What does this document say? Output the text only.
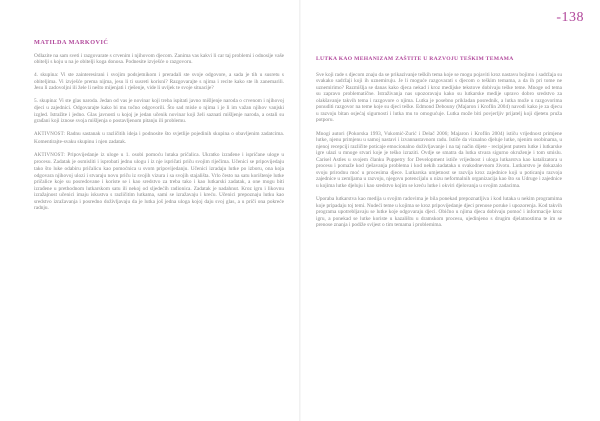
-138
MATILDA MARKOVIĆ

Odlazite na sam sveti i razgovarate s crvenim i njihovom djecom. Zanima vas kakvi li car taj problemi i odnosije vaše obitelji s koju u na je obitelji koga donosa. Podnesite izvješće o razgovoru.

4. skupina: Vi ste zainteresirani i svojim podsjetnikom i preradali ste svoje odgovore, a sada je tih u susretu s obiteljima. Vi izvješće prema nijma, jesu li ti susreti korisni? Razgovarajte s njima i recite kako ste ih zanemarili. Jesu li zadovoljni ili žele li nešto mijenjati i rješenje, vide li uvijek te svoje situacije?

5. skupina: Vi ste glas naroda. Jedan od vas je novinar koji treba ispitati javno mišljenje naroda o crvenom i njihovoj djeci u zajednici. Odgovarajte kako bi mu točno odgovorili. Što sad misle o njima i je li im važan njihov vanjski izgled. Istražite i jedno. Glas javnosti u kojoj je jedan učenik novinar koji želi saznati mišljenje naroda, a ostali su građani koji iznose svoja mišljenja o postavljenom pitanju ili problemu.

AKTIVNOST: Radnu sastanak u različitih ideja i podnosite što svjetlije pojedinih skupina o obavljenim zadatcima. Komentirajte-svaku skupinu i njen zadatak.

AKTIVNOST: Pripovijedanje iz uloge u 1. osobi pomoću lutaka pričalica. Ukratko izrađene i ispričane uloge u procesu. Zadatak je osmisliti i isprobati jednu ulogu i iz nje ispričati priču svojim riječima. Učenici se pripovijedaju tako što luke odabiru pričalicu kao pomoćnica u svom pripovijedanju. Učenici izradaju lutke po izboru, ona koja odgovara njihovoj ulozi i stvaraju novu priču iz svojih vizura i sa svojih stajališta. Vrlo često na satu korištenje lutke pričalice koje su posredovane i koriste se i kao sredstvo za treba tako i kao lutkarski zadatak, a one mogu biti izrađene u prethodnom lutkarskom satu ili nekoj od sljedećih radionica. Zadatak je nadahnut. Kroz igru i likovnu izražajnost učenici imaju iskustva s različitim lutkama, sami se izražavaju i kreću. Učenici prepoznaju lutku kao sredstvo izražavanja i posredno doživljavaju da je lutka još jedna uloga kojoj daju svoj glas, a u priči ona pokreće radnju.

LUTKA KAO MEHANIZAM ZAŠTITE U RAZVOJU TEŠKIM TEMAMA

Sve koji rade s djecom znaju da se prikazivanje teških tema koje se mogu pojaviti kroz nastavu bojimo i sadržaja su svakako sadržaji koji ih uznemiruju. Je li moguće razgovarati s djecom o teškim temama, a da ih pri tome ne uznemirimo? Razmišlja se danas kako djeca nekad i kroz medijske tekstove dobivaju teške teme. Mnoge od tema su zapravo problematične. Istraživanja nas upozoravaju kako su lutkarske medije upravo dobro sredstvo za olakšavanje takvih tema i razgovore o njima. Lutka je posebno prikladan posrednik, a lutka može u razgovorima ponuditi razgovor na teme koje su djeci teške. Edmond Debouny (Majaron i Kroflin 2004) navodi kako je za djecu u razvoju bitan osjećaj sigurnosti i lutka mu to omogućuje. Lutka može biti povjerljiv prijatelj koji djetetu pruža potporu.

Mnogi autori (Pokorska 1993, Vukomić-Zurić i Delač 2006; Majaron i Kroflin 2004) ističu vrijednost primjene lutke, njenu primjenu u samoj nastavi i izvannastavnom radu. Ističe da vizualno djeluje lutke, njenim osobinama, u njenoj recepciji različite poticaje emocionalno doživljavanje i na taj način dijete - recipijent putem lutke i lutkarske igre ulazi u mnoge stvari koje je teško izraziti. Ovdje se smatra da lutka stvara sigurno okruženje i tom smislu. Carisel Astles u svojem članku Puppetry for Development ističe vrijednost i uloga lutkarstva kao katalizatora u procesu i pomaže kod rješavanja problema i kod nekih zadataka u svakodnevnom životu. Lutkarstvo je dokazalo svoju prirodnu moć u procesima djece. Lutkarska umjetnost se razvija kroz zajednice koji u poticanju razvoja zajednice u zemljama u razvoju, njegovu potencijalu u nizu neformalnih organizacija kao što su Udruge i zajednice u kojima lutke djeluju i kao sredstvo kojim se kreću lutke i okviri djelovanja u svojim zadacima.

Uporaba lutkarstva kao medija u svojim radovima je bila ponekad prepoznatljiva i kod lutaka u nekim programima koje pripadaju toj temi. Nudeći teme u kojima se kroz pripovijedanje djeci prenose poruke i upozorenja. Kod takvih programa upotrebljavaju se lutke koje odgovaraju djeci. Obično u njima djeca dobivaju pomoć i informacije kroz igru, a ponekad se lutke koriste u kazalištu u dramskom procesu, ujedinjeno s drugim djelatnostima te im se prenose znanja i podiže svijest o tim temama i problemima.
